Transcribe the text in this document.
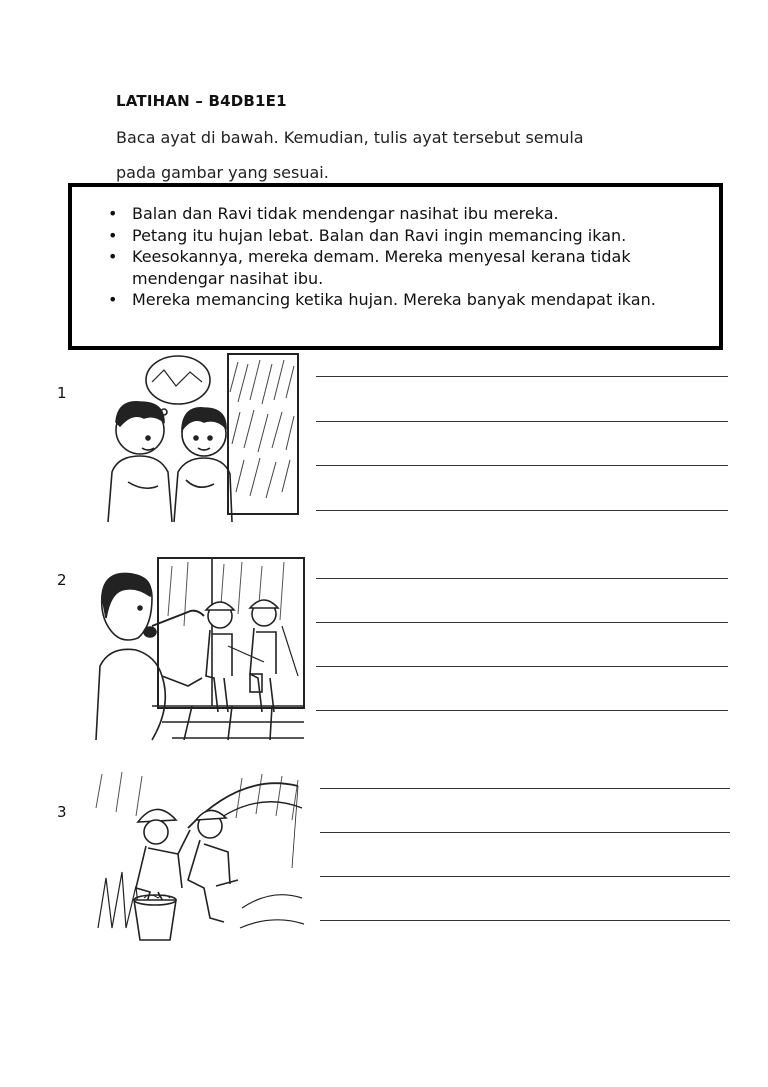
LATIHAN – B4DB1E1
Baca ayat di bawah. Kemudian, tulis ayat tersebut semula
pada gambar yang sesuai.
• Balan dan Ravi tidak mendengar nasihat ibu mereka.
• Petang itu hujan lebat. Balan dan Ravi ingin memancing ikan.
• Keesokannya, mereka demam. Mereka menyesal kerana tidak mendengar nasihat ibu.
• Mereka memancing ketika hujan. Mereka banyak mendapat ikan.
1
2
3
